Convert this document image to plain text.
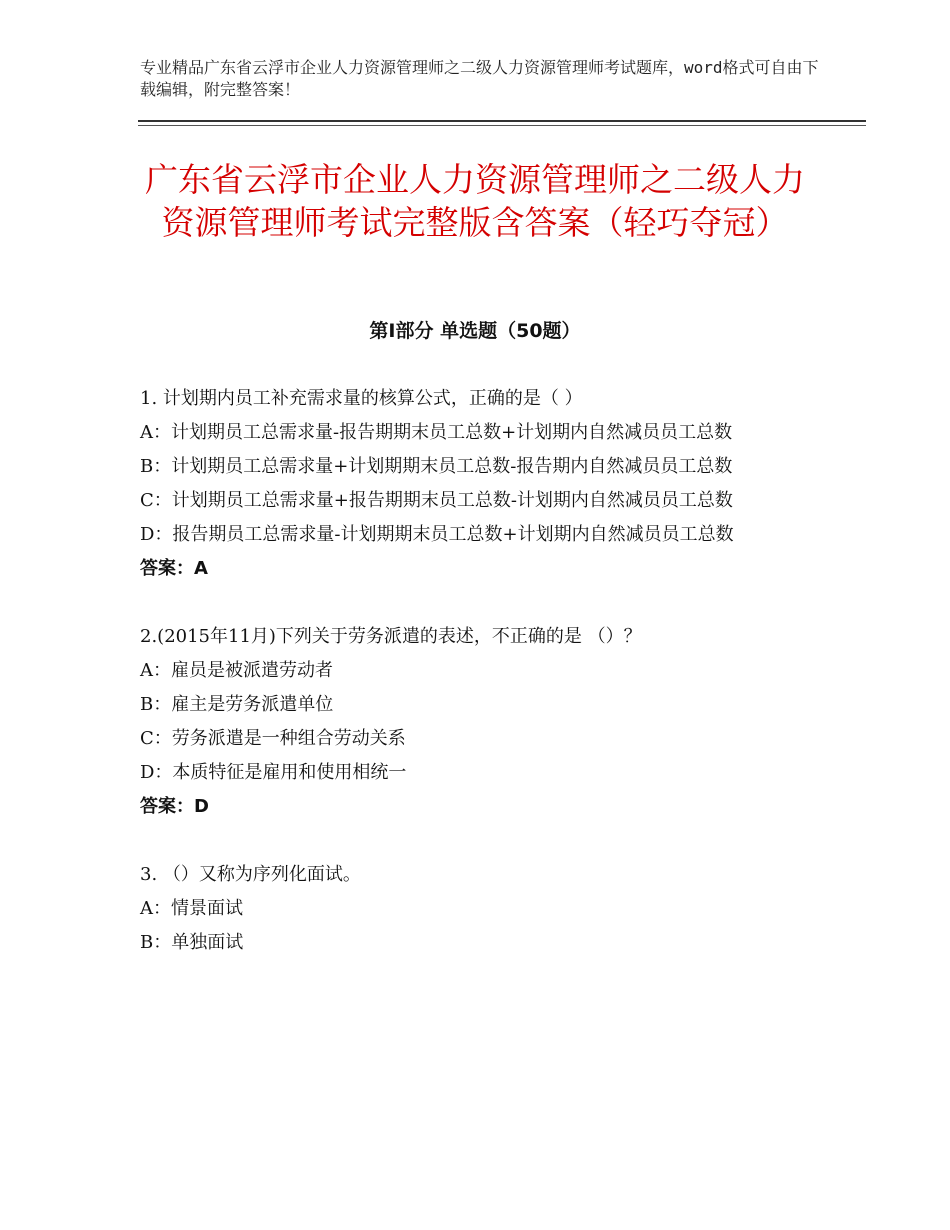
专业精品广东省云浮市企业人力资源管理师之二级人力资源管理师考试题库，word格式可自由下载编辑，附完整答案！
广东省云浮市企业人力资源管理师之二级人力资源管理师考试完整版含答案（轻巧夺冠）
第Ⅰ部分 单选题（50题）
1. 计划期内员工补充需求量的核算公式，正确的是（ ）
A：计划期员工总需求量-报告期期末员工总数+计划期内自然减员员工总数
B：计划期员工总需求量+计划期期末员工总数-报告期内自然减员员工总数
C：计划期员工总需求量+报告期期末员工总数-计划期内自然减员员工总数
D：报告期员工总需求量-计划期期末员工总数+计划期内自然减员员工总数
答案：A
2.(2015年11月)下列关于劳务派遣的表述，不正确的是 （）？
A：雇员是被派遣劳动者
B：雇主是劳务派遣单位
C：劳务派遣是一种组合劳动关系
D：本质特征是雇用和使用相统一
答案：D
3. （）又称为序列化面试。
A：情景面试
B：单独面试
